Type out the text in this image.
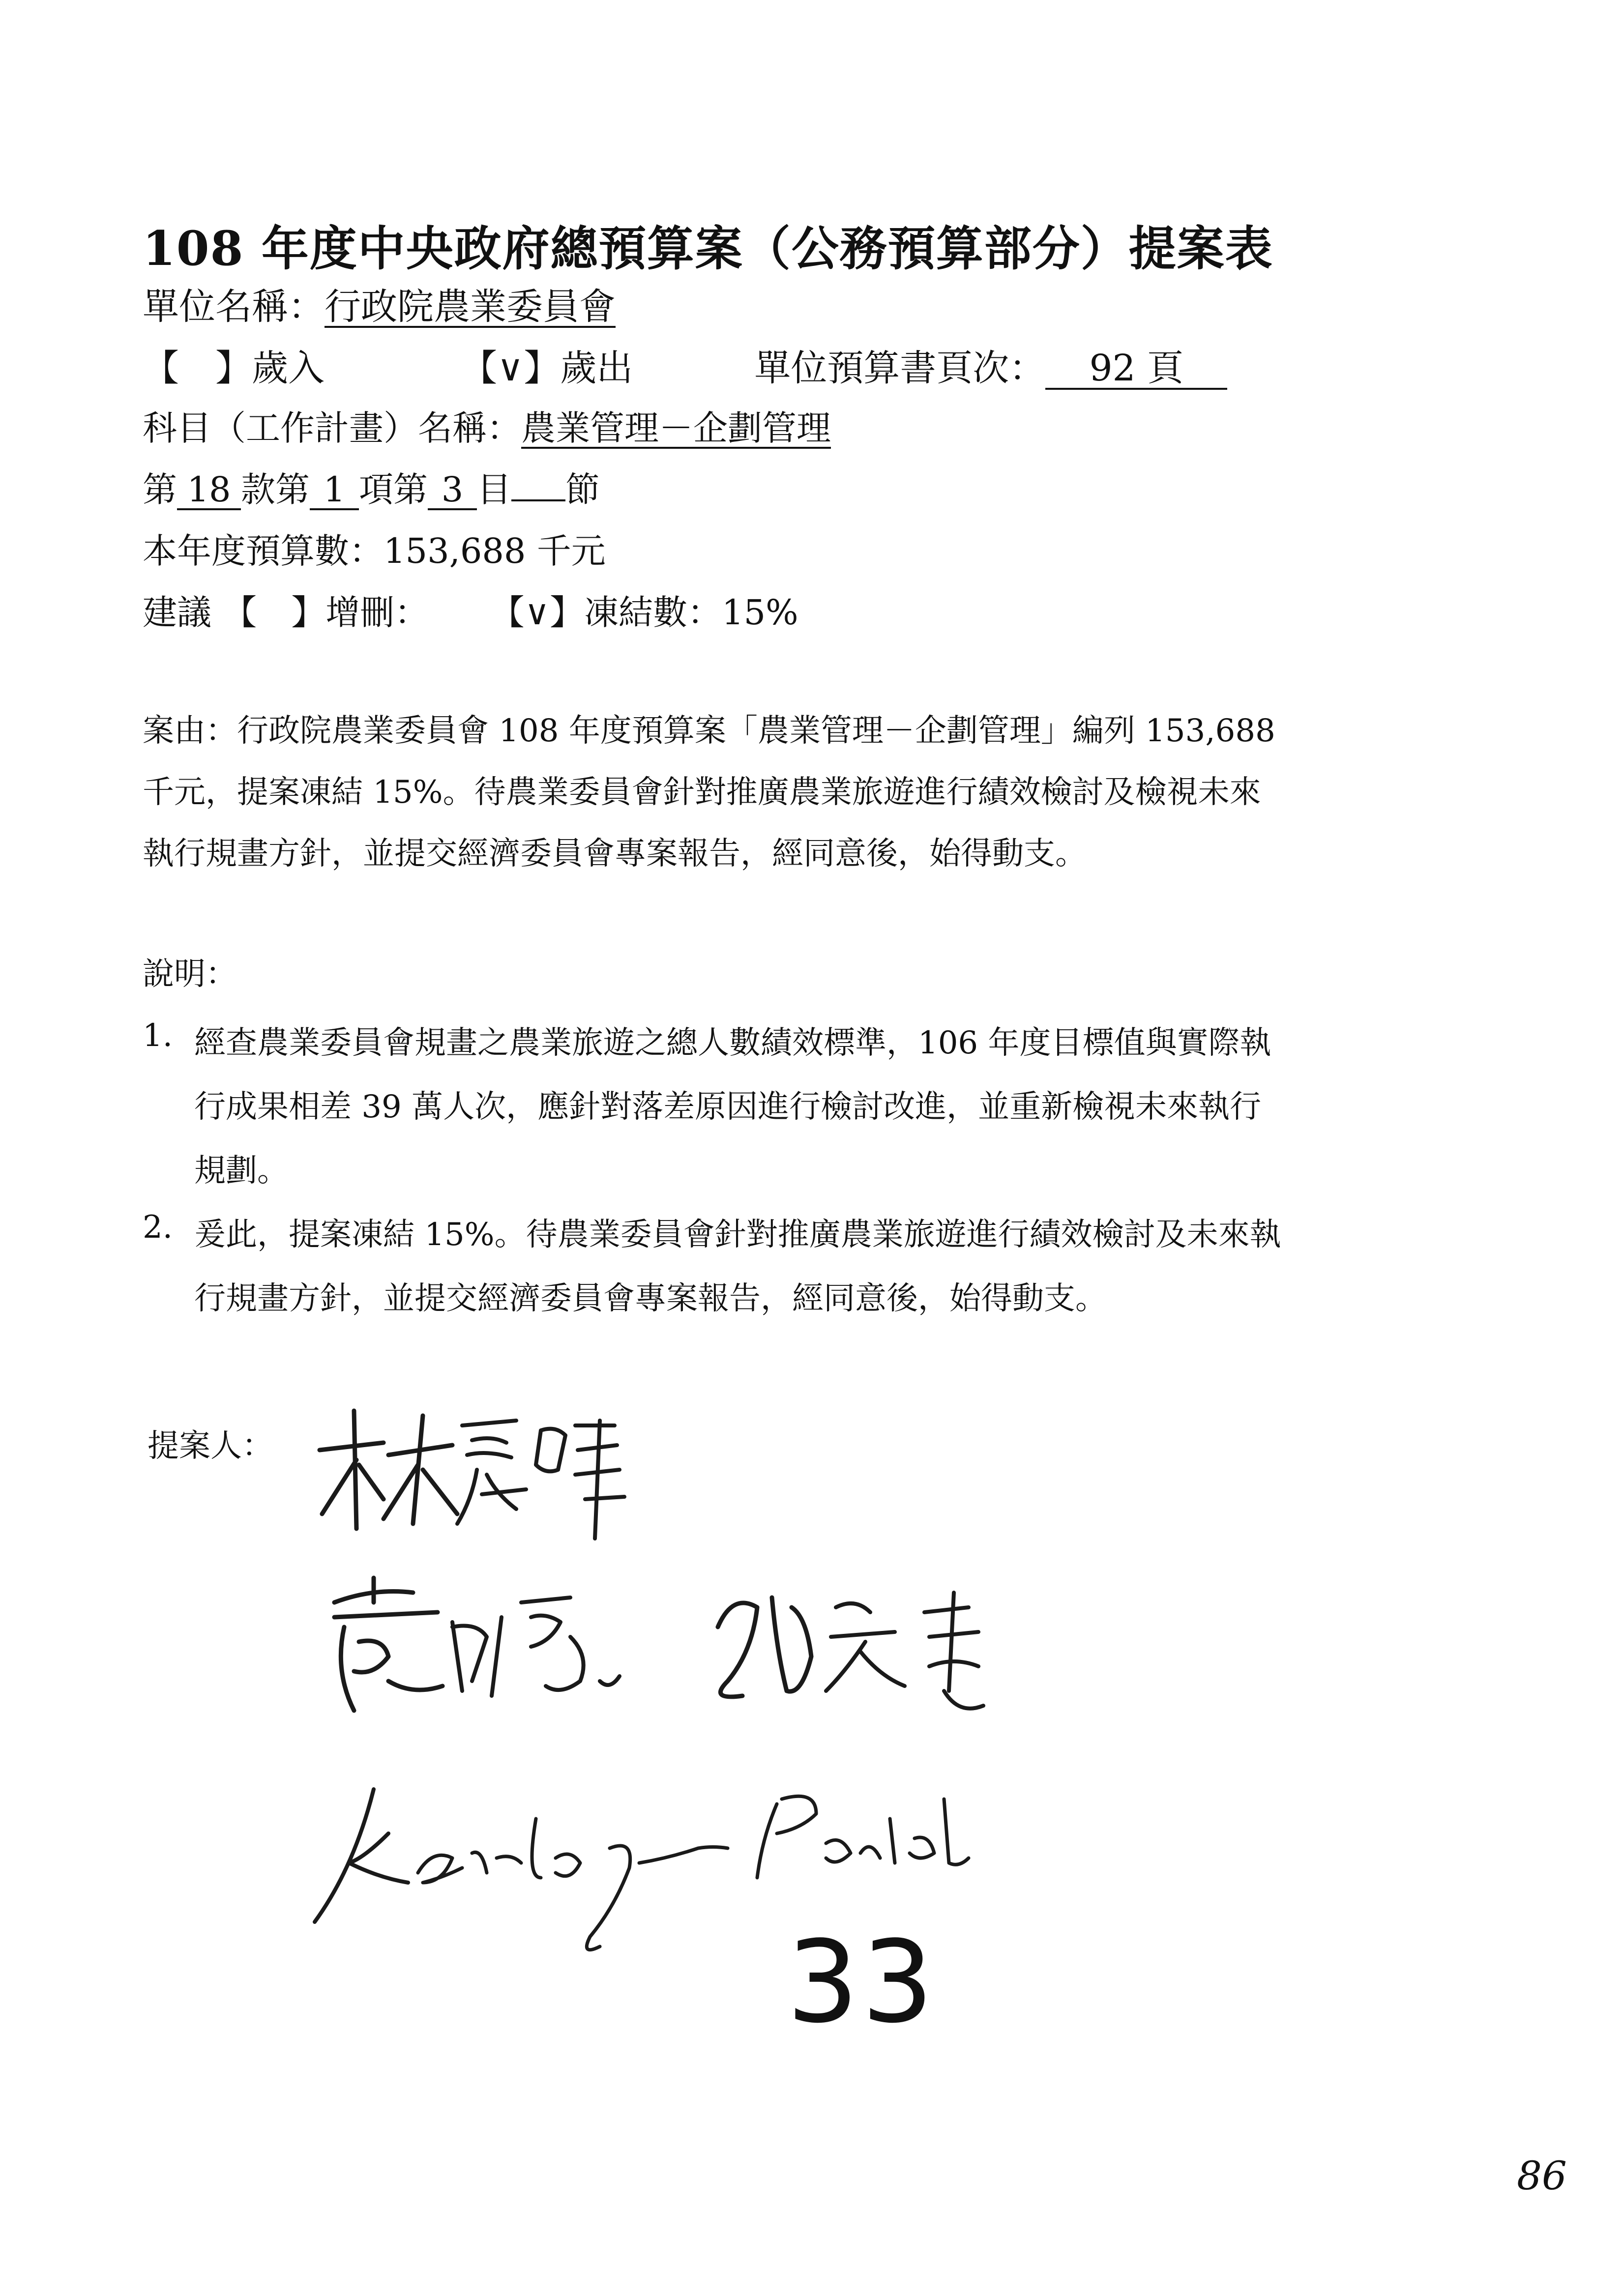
108 年度中央政府總預算案（公務預算部分）提案表
單位名稱：行政院農業委員會
【　】歲入	【∨】歲出	單位預算書頁次： 92 頁
科目（工作計畫）名稱：農業管理－企劃管理
第 18 款第 1 項第 3 目 節
本年度預算數：153,688 千元
建議 【　】增刪： 【∨】凍結數：15%
案由：行政院農業委員會 108 年度預算案「農業管理－企劃管理」編列 153,688
千元，提案凍結 15%。待農業委員會針對推廣農業旅遊進行績效檢討及檢視未來
執行規畫方針，並提交經濟委員會專案報告，經同意後，始得動支。
說明：
1. 經查農業委員會規畫之農業旅遊之總人數績效標準，106 年度目標值與實際執
行成果相差 39 萬人次，應針對落差原因進行檢討改進，並重新檢視未來執行
規劃。
2. 爰此，提案凍結 15%。待農業委員會針對推廣農業旅遊進行績效檢討及未來執
行規畫方針，並提交經濟委員會專案報告，經同意後，始得動支。
提案人：
33
86
